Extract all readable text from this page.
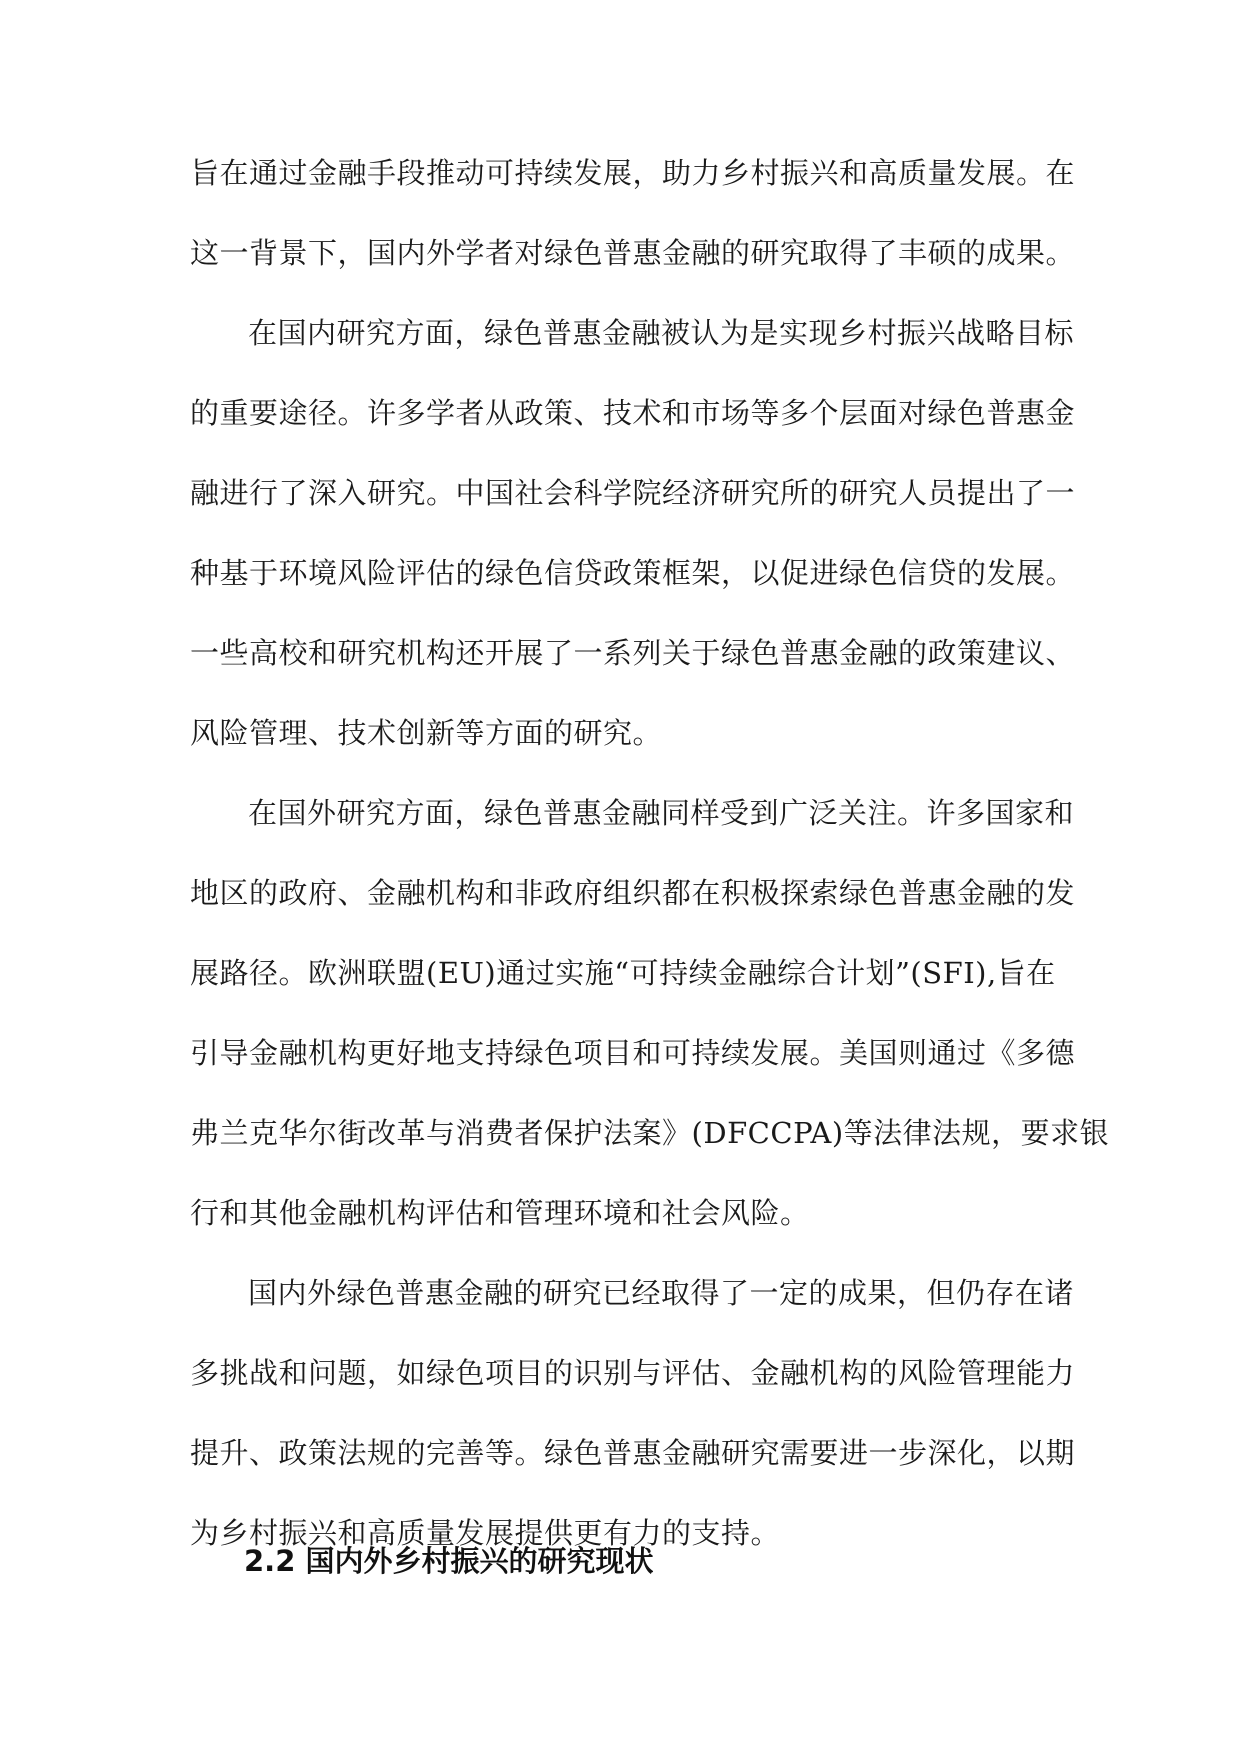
旨在通过金融手段推动可持续发展，助力乡村振兴和高质量发展。在
这一背景下，国内外学者对绿色普惠金融的研究取得了丰硕的成果。
在国内研究方面，绿色普惠金融被认为是实现乡村振兴战略目标
的重要途径。许多学者从政策、技术和市场等多个层面对绿色普惠金
融进行了深入研究。中国社会科学院经济研究所的研究人员提出了一
种基于环境风险评估的绿色信贷政策框架，以促进绿色信贷的发展。
一些高校和研究机构还开展了一系列关于绿色普惠金融的政策建议、
风险管理、技术创新等方面的研究。
在国外研究方面，绿色普惠金融同样受到广泛关注。许多国家和
地区的政府、金融机构和非政府组织都在积极探索绿色普惠金融的发
展路径。欧洲联盟(EU)通过实施“可持续金融综合计划”(SFI),旨在
引导金融机构更好地支持绿色项目和可持续发展。美国则通过《多德
弗兰克华尔街改革与消费者保护法案》(DFCCPA)等法律法规，要求银
行和其他金融机构评估和管理环境和社会风险。
国内外绿色普惠金融的研究已经取得了一定的成果，但仍存在诸
多挑战和问题，如绿色项目的识别与评估、金融机构的风险管理能力
提升、政策法规的完善等。绿色普惠金融研究需要进一步深化，以期
为乡村振兴和高质量发展提供更有力的支持。
2.2 国内外乡村振兴的研究现状
